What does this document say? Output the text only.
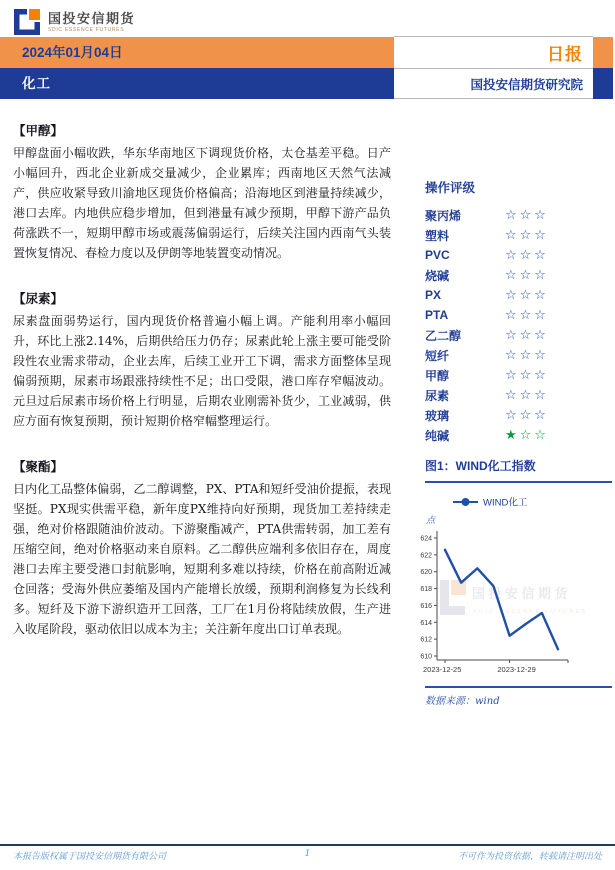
国投安信期货
SDIC ESSENCE FUTURES
2024年01月04日
化工
日报
国投安信期货研究院
【甲醇】
甲醇盘面小幅收跌，华东华南地区下调现货价格，太仓基差平稳。日产小幅回升，西北企业新成交量减少，企业累库；西南地区天然气法减产，供应收紧导致川渝地区现货价格偏高；沿海地区到港量持续减少，港口去库。内地供应稳步增加，但到港量有减少预期，甲醇下游产品负荷涨跌不一，短期甲醇市场或震荡偏弱运行，后续关注国内西南气头装置恢复情况、春检力度以及伊朗等地装置变动情况。
【尿素】
尿素盘面弱势运行，国内现货价格普遍小幅上调。产能利用率小幅回升，环比上涨2.14%，后期供给压力仍存；尿素此轮上涨主要可能受阶段性农业需求带动，企业去库，后续工业开工下调，需求方面整体呈现偏弱预期，尿素市场跟涨持续性不足；出口受限，港口库存窄幅波动。元旦过后尿素市场价格上行明显，后期农业刚需补货少，工业减弱，供应方面有恢复预期，预计短期价格窄幅整理运行。
【聚酯】
日内化工品整体偏弱，乙二醇调整，PX、PTA和短纤受油价提振，表现坚挺。PX现实供需平稳，新年度PX维持向好预期，现货加工差持续走强，绝对价格跟随油价波动。下游聚酯减产，PTA供需转弱，加工差有压缩空间，绝对价格驱动来自原料。乙二醇供应端利多依旧存在，周度港口去库主要受港口封航影响，短期利多难以持续，价格在前高附近减仓回落；受海外供应萎缩及国内产能增长放缓，预期利润修复为长线利多。短纤及下游下游织造开工回落，工厂在1月份将陆续放假，生产进入收尾阶段，驱动依旧以成本为主；关注新年度出口订单表现。
操作评级
聚丙烯	☆☆☆
塑料	☆☆☆
PVC	☆☆☆
烧碱	☆☆☆
PX	☆☆☆
PTA	☆☆☆
乙二醇	☆☆☆
短纤	☆☆☆
甲醇	☆☆☆
尿素	☆☆☆
玻璃	☆☆☆
纯碱	★☆☆
图1：WIND化工指数
国投安信期货
SDIC ESSENCE FUTURES
WIND化工
点
624
622
620
618
616
614
612
610
2023-12-25	2023-12-29
数据来源：wind
本报告版权属于国投安信期货有限公司	1	不可作为投资依据，转载请注明出处
